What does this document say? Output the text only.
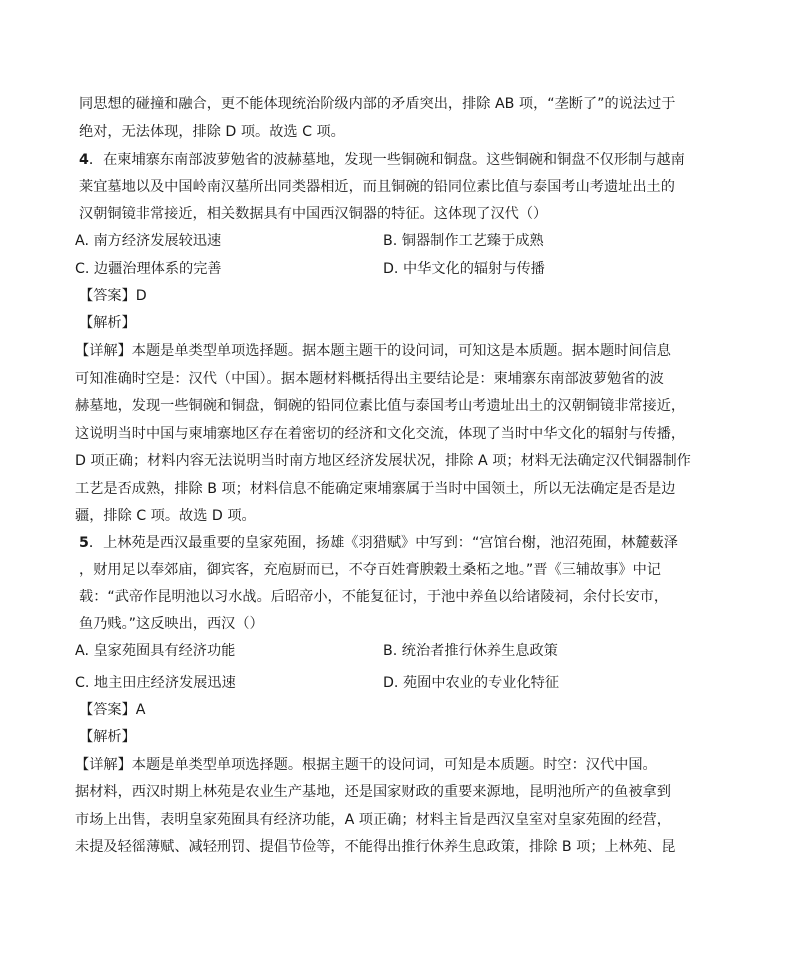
同思想的碰撞和融合，更不能体现统治阶级内部的矛盾突出，排除 AB 项，“垄断了”的说法过于
绝对，无法体现，排除 D 项。故选 C 项。
4．在柬埔寨东南部波萝勉省的波赫墓地，发现一些铜碗和铜盘。这些铜碗和铜盘不仅形制与越南
莱宜墓地以及中国岭南汉墓所出同类器相近，而且铜碗的铅同位素比值与泰国考山考遗址出土的
汉朝铜镜非常接近，相关数据具有中国西汉铜器的特征。这体现了汉代（）
A. 南方经济发展较迅速	B. 铜器制作工艺臻于成熟
C. 边疆治理体系的完善	D. 中华文化的辐射与传播
【答案】D
【解析】
【详解】本题是单类型单项选择题。据本题主题干的设问词，可知这是本质题。据本题时间信息
可知准确时空是：汉代（中国）。据本题材料概括得出主要结论是：柬埔寨东南部波萝勉省的波
赫墓地，发现一些铜碗和铜盘，铜碗的铅同位素比值与泰国考山考遗址出土的汉朝铜镜非常接近，
这说明当时中国与柬埔寨地区存在着密切的经济和文化交流，体现了当时中华文化的辐射与传播，
D 项正确；材料内容无法说明当时南方地区经济发展状况，排除 A 项；材料无法确定汉代铜器制作
工艺是否成熟，排除 B 项；材料信息不能确定柬埔寨属于当时中国领土，所以无法确定是否是边
疆，排除 C 项。故选 D 项。
5．上林苑是西汉最重要的皇家苑囿，扬雄《羽猎赋》中写到：“宫馆台榭，池沼苑囿，林麓薮泽
，财用足以奉郊庙，御宾客，充庖厨而已，不夺百姓膏腴穀土桑柘之地。”晋《三辅故事》中记
载：“武帝作昆明池以习水战。后昭帝小，不能复征讨，于池中养鱼以给诸陵祠，余付长安市，
鱼乃贱。”这反映出，西汉（）
A. 皇家苑囿具有经济功能	B. 统治者推行休养生息政策
C. 地主田庄经济发展迅速	D. 苑囿中农业的专业化特征
【答案】A
【解析】
【详解】本题是单类型单项选择题。根据主题干的设问词，可知是本质题。时空：汉代中国。
据材料，西汉时期上林苑是农业生产基地，还是国家财政的重要来源地，昆明池所产的鱼被拿到
市场上出售，表明皇家苑囿具有经济功能，A 项正确；材料主旨是西汉皇室对皇家苑囿的经营，
未提及轻徭薄赋、减轻刑罚、提倡节俭等，不能得出推行休养生息政策，排除 B 项；上林苑、昆
